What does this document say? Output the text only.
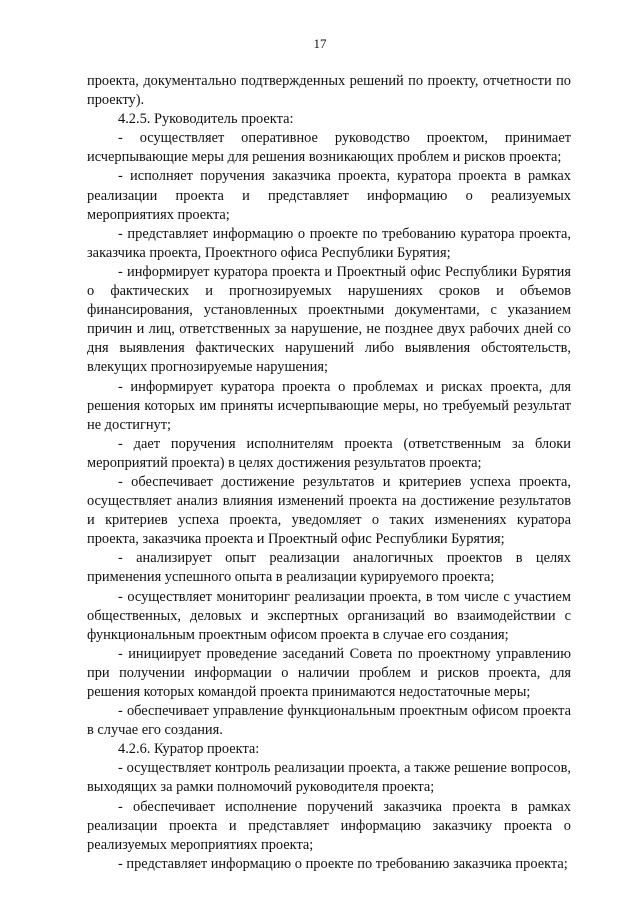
17

проекта, документально подтвержденных решений по проекту, отчетности по проекту).

4.2.5. Руководитель проекта:

- осуществляет оперативное руководство проектом, принимает исчерпывающие меры для решения возникающих проблем и рисков проекта;

- исполняет поручения заказчика проекта, куратора проекта в рамках реализации проекта и представляет информацию о реализуемых мероприятиях проекта;

- представляет информацию о проекте по требованию куратора проекта, заказчика проекта, Проектного офиса Республики Бурятия;

- информирует куратора проекта и Проектный офис Республики Бурятия о фактических и прогнозируемых нарушениях сроков и объемов финансирования, установленных проектными документами, с указанием причин и лиц, ответственных за нарушение, не позднее двух рабочих дней со дня выявления фактических нарушений либо выявления обстоятельств, влекущих прогнозируемые нарушения;

- информирует куратора проекта о проблемах и рисках проекта, для решения которых им приняты исчерпывающие меры, но требуемый результат не достигнут;

- дает поручения исполнителям проекта (ответственным за блоки мероприятий проекта) в целях достижения результатов проекта;

- обеспечивает достижение результатов и критериев успеха проекта, осуществляет анализ влияния изменений проекта на достижение результатов и критериев успеха проекта, уведомляет о таких изменениях куратора проекта, заказчика проекта и Проектный офис Республики Бурятия;

- анализирует опыт реализации аналогичных проектов в целях применения успешного опыта в реализации курируемого проекта;

- осуществляет мониторинг реализации проекта, в том числе с участием общественных, деловых и экспертных организаций во взаимодействии с функциональным проектным офисом проекта в случае его создания;

- инициирует проведение заседаний Совета по проектному управлению при получении информации о наличии проблем и рисков проекта, для решения которых командой проекта принимаются недостаточные меры;

- обеспечивает управление функциональным проектным офисом проекта в случае его создания.

4.2.6. Куратор проекта:

- осуществляет контроль реализации проекта, а также решение вопросов, выходящих за рамки полномочий руководителя проекта;

- обеспечивает исполнение поручений заказчика проекта в рамках реализации проекта и представляет информацию заказчику проекта о реализуемых мероприятиях проекта;

- представляет информацию о проекте по требованию заказчика проекта;
